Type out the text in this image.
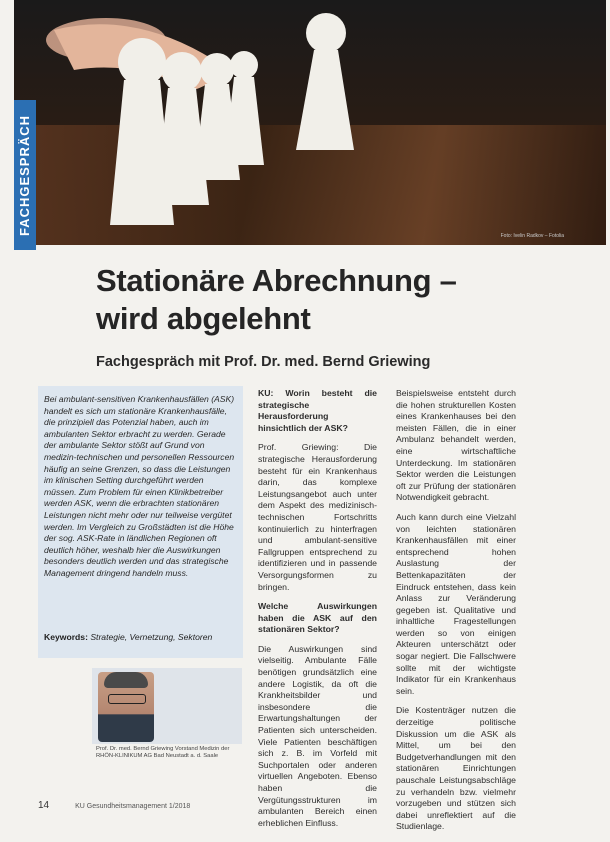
Foto: Ivelin Radkov – Fotolia
FACHGESPRÄCH
Stationäre Abrechnung –
wird abgelehnt
Fachgespräch mit Prof. Dr. med. Bernd Griewing

Bei ambulant-sensitiven Krankenhausfällen (ASK) handelt es sich um stationäre Krankenhausfälle, die prinzipiell das Potenzial haben, auch im ambulanten Sektor erbracht zu werden. Gerade der ambulante Sektor stößt auf Grund von medizin-technischen und personellen Ressourcen häufig an seine Grenzen, so dass die Leistungen im klinischen Setting durchgeführt werden müssen. Zum Problem für einen Klinikbetreiber werden ASK, wenn die erbrachten stationären Leistungen nicht mehr oder nur teilweise vergütet werden. Im Vergleich zu Großstädten ist die Höhe der sog. ASK-Rate in ländlichen Regionen oft deutlich höher, weshalb hier die Auswirkungen besonders deutlich werden und das strategische Management dringend handeln muss.

Keywords: Strategie, Vernetzung, Sektoren
Prof. Dr. med. Bernd Griewing Vorstand Medizin der RHÖN-KLINIKUM AG Bad Neustadt a. d. Saale

KU: Worin besteht die strategische Herausforderung hinsichtlich der ASK?

Prof. Griewing: Die strategische Herausforderung besteht für ein Krankenhaus darin, das komplexe Leistungsangebot auch unter dem Aspekt des medizinisch-technischen Fortschritts kontinuierlich zu hinterfragen und ambulant-sensitive Fallgruppen entsprechend zu identifizieren und in passende Versorgungsformen zu bringen.

Welche Auswirkungen haben die ASK auf den stationären Sektor?

Die Auswirkungen sind vielseitig. Ambulante Fälle benötigen grundsätzlich eine andere Logistik, da oft die Krankheitsbilder und insbesondere die Erwartungshaltungen der Patienten sich unterscheiden. Viele Patienten beschäftigen sich z. B. im Vorfeld mit Suchportalen oder anderen virtuellen Angeboten. Ebenso haben die Vergütungsstrukturen im ambulanten Bereich einen erheblichen Einfluss.

Beispielsweise entsteht durch die hohen strukturellen Kosten eines Krankenhauses bei den meisten Fällen, die in einer Ambulanz behandelt werden, eine wirtschaftliche Unterdeckung. Im stationären Sektor werden die Leistungen oft zur Prüfung der stationären Notwendigkeit gebracht.

Auch kann durch eine Vielzahl von leichten stationären Krankenhausfällen mit einer entsprechend hohen Auslastung der Bettenkapazitäten der Eindruck entstehen, dass kein Anlass zur Veränderung gegeben ist. Qualitative und inhaltliche Fragestellungen werden so von einigen Akteuren unterschätzt oder sogar negiert. Die Fallschwere sollte mit der wichtigste Indikator für ein Krankenhaus sein.

Die Kostenträger nutzen die derzeitige politische Diskussion um die ASK als Mittel, um bei den Budgetverhandlungen mit den stationären Einrichtungen pauschale Leistungsabschläge zu verhandeln bzw. vielmehr vorzugeben und stützen sich dabei unreflektiert auf die Studienlage.

14	KU Gesundheitsmanagement 1/2018
